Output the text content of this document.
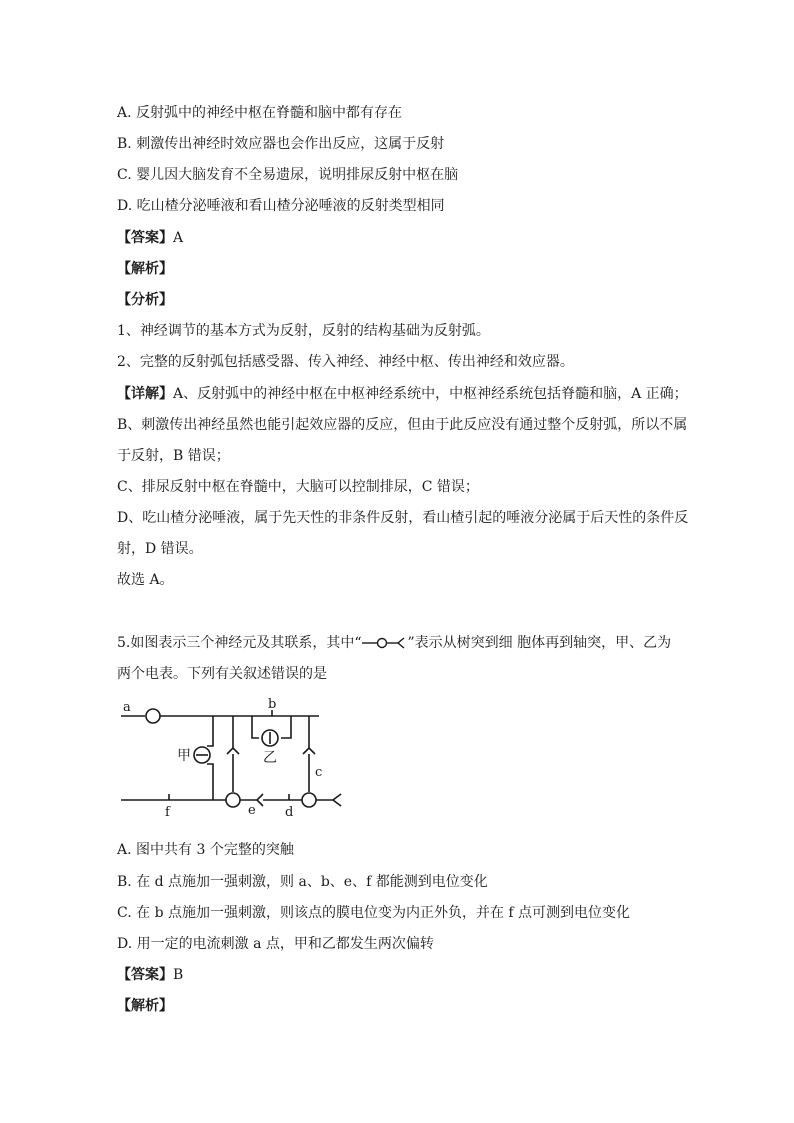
A. 反射弧中的神经中枢在脊髓和脑中都有存在
B. 刺激传出神经时效应器也会作出反应，这属于反射
C. 婴儿因大脑发育不全易遗尿，说明排尿反射中枢在脑
D. 吃山楂分泌唾液和看山楂分泌唾液的反射类型相同
【答案】A
【解析】
【分析】
1、神经调节的基本方式为反射，反射的结构基础为反射弧。
2、完整的反射弧包括感受器、传入神经、神经中枢、传出神经和效应器。
【详解】A、反射弧中的神经中枢在中枢神经系统中，中枢神经系统包括脊髓和脑，A 正确；
B、刺激传出神经虽然也能引起效应器的反应，但由于此反应没有通过整个反射弧，所以不属
于反射，B 错误；
C、排尿反射中枢在脊髓中，大脑可以控制排尿，C 错误；
D、吃山楂分泌唾液，属于先天性的非条件反射，看山楂引起的唾液分泌属于后天性的条件反
射，D 错误。
故选 A。
5.如图表示三个神经元及其联系，其中“	”表示从树突到细 胞体再到轴突，甲、乙为
两个电表。下列有关叙述错误的是
a	b
c
d
e
f
甲	乙
A. 图中共有 3 个完整的突触
B. 在 d 点施加一强刺激，则 a、b、e、f 都能测到电位变化
C. 在 b 点施加一强刺激，则该点的膜电位变为内正外负，并在 f 点可测到电位变化
D. 用一定的电流刺激 a 点，甲和乙都发生两次偏转
【答案】B
【解析】
